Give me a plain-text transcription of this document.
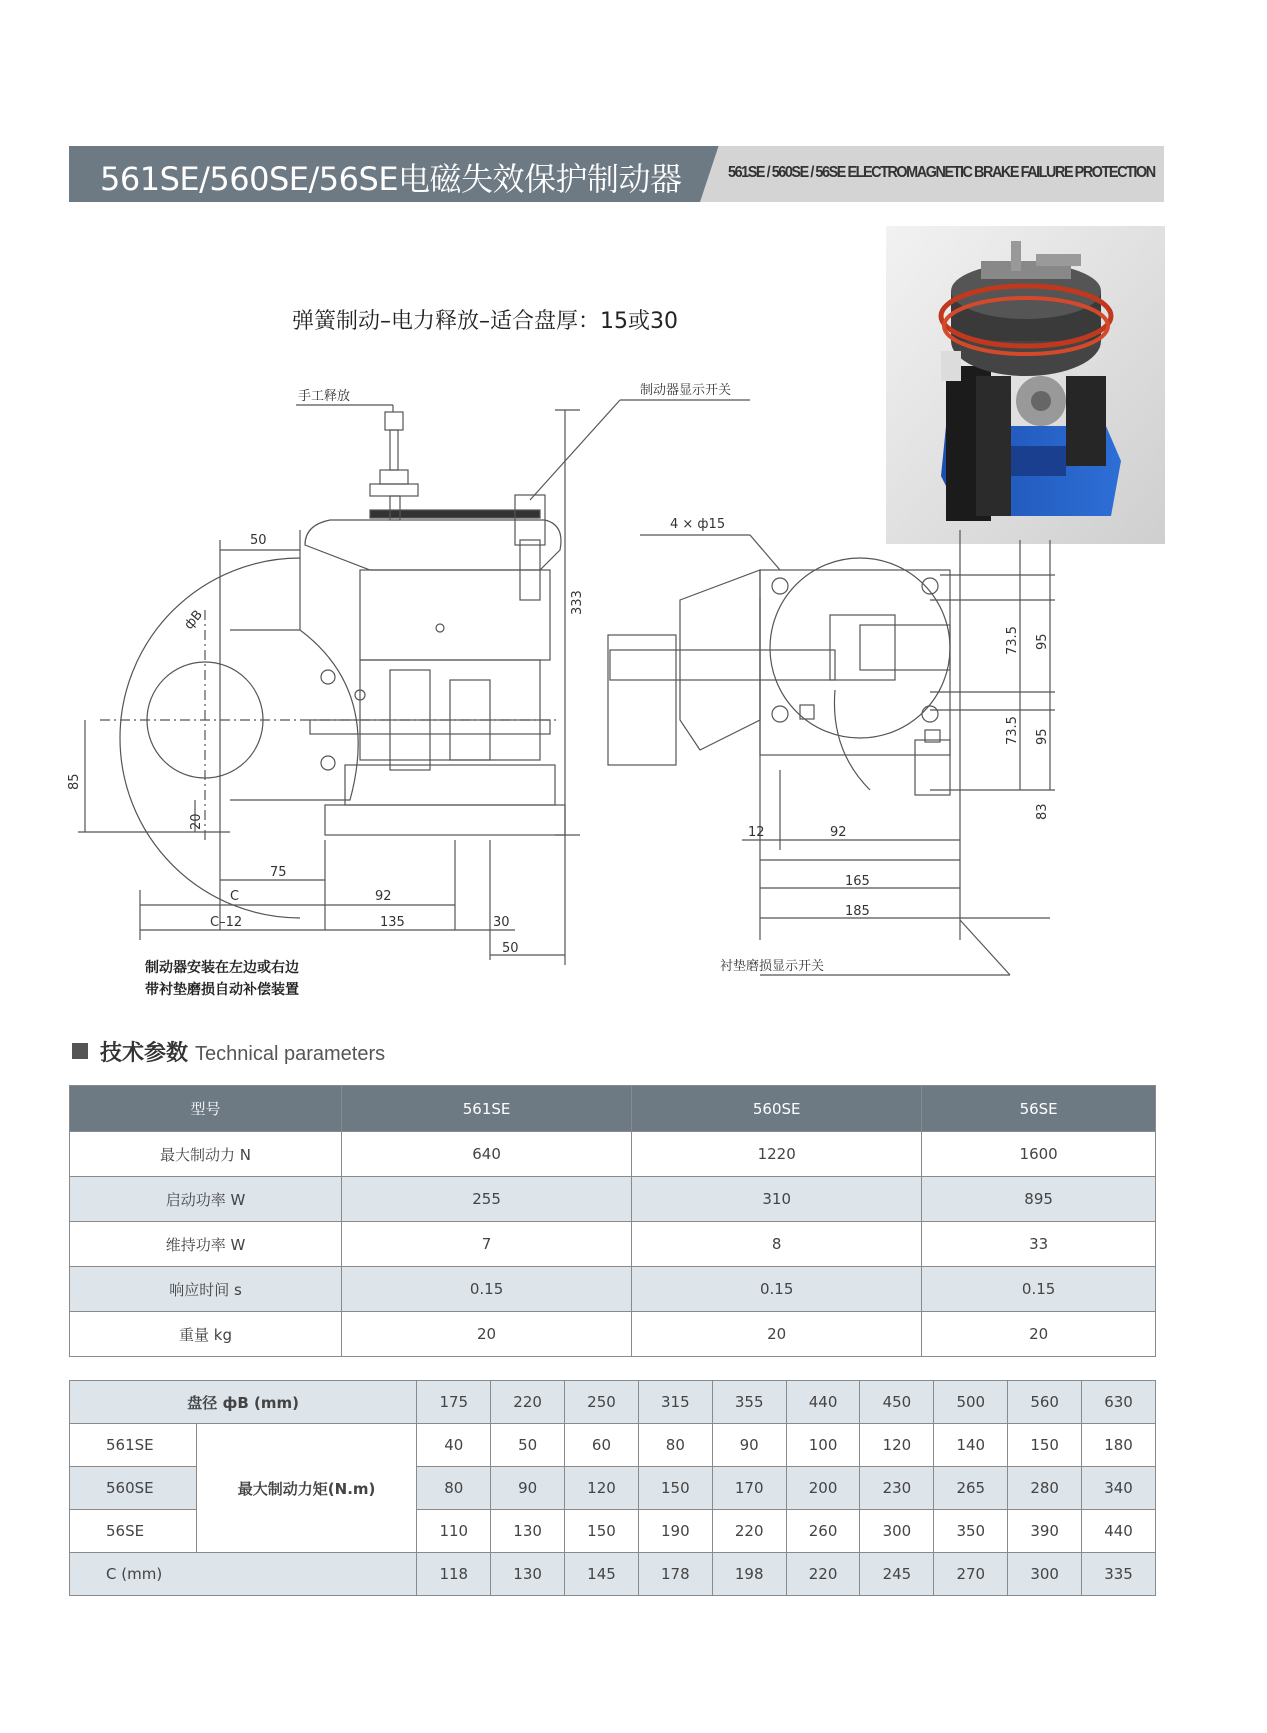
561SE/560SE/56SE电磁失效保护制动器	561SE / 560SE / 56SE ELECTROMAGNETIC BRAKE FAILURE PROTECTION
弹簧制动–电力释放–适合盘厚：15或30
手工释放	制动器显示开关
4 × ф15
衬垫磨损显示开关
фB
50
333
85
20
75
C	92
C–12	135	30
50
12	92
165
185
73.5
73.5
95
95
83
制动器安装在左边或右边
带衬垫磨损自动补偿装置
技术参数 Technical parameters
型号	561SE	560SE	56SE
最大制动力 N	640	1220	1600
启动功率 W	255	310	895
维持功率 W	7	8	33
响应时间 s	0.15	0.15	0.15
重量 kg	20	20	20
盘径 фB (mm)		175	220	250	315	355	440	450	500	560	630
561SE	最大制动力矩(N.m)	40	50	60	80	90	100	120	140	150	180
560SE		80	90	120	150	170	200	230	265	280	340
56SE		110	130	150	190	220	260	300	350	390	440
C (mm)		118	130	145	178	198	220	245	270	300	335
